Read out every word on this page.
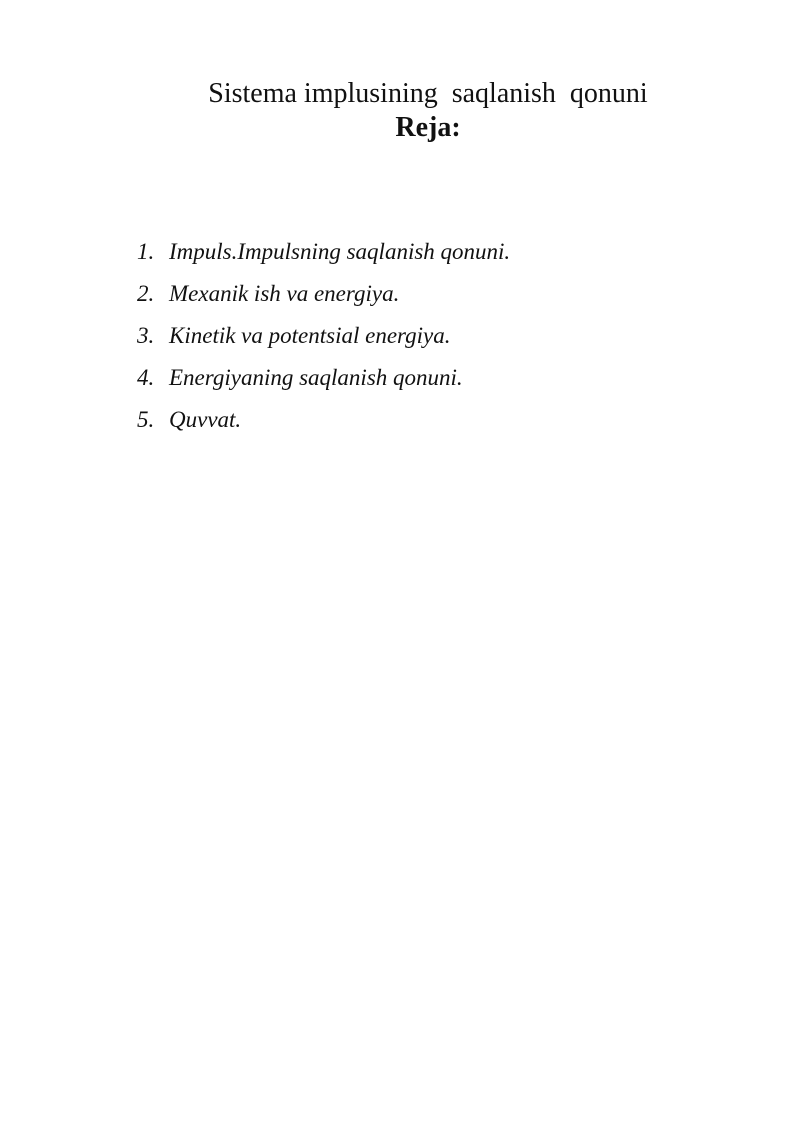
Sistema implusining  saqlanish  qonuni
Reja:
1. Impuls.Impulsning saqlanish qonuni.
2. Mexanik ish va energiya.
3. Kinetik va potentsial energiya.
4. Energiyaning saqlanish qonuni.
5. Quvvat.
